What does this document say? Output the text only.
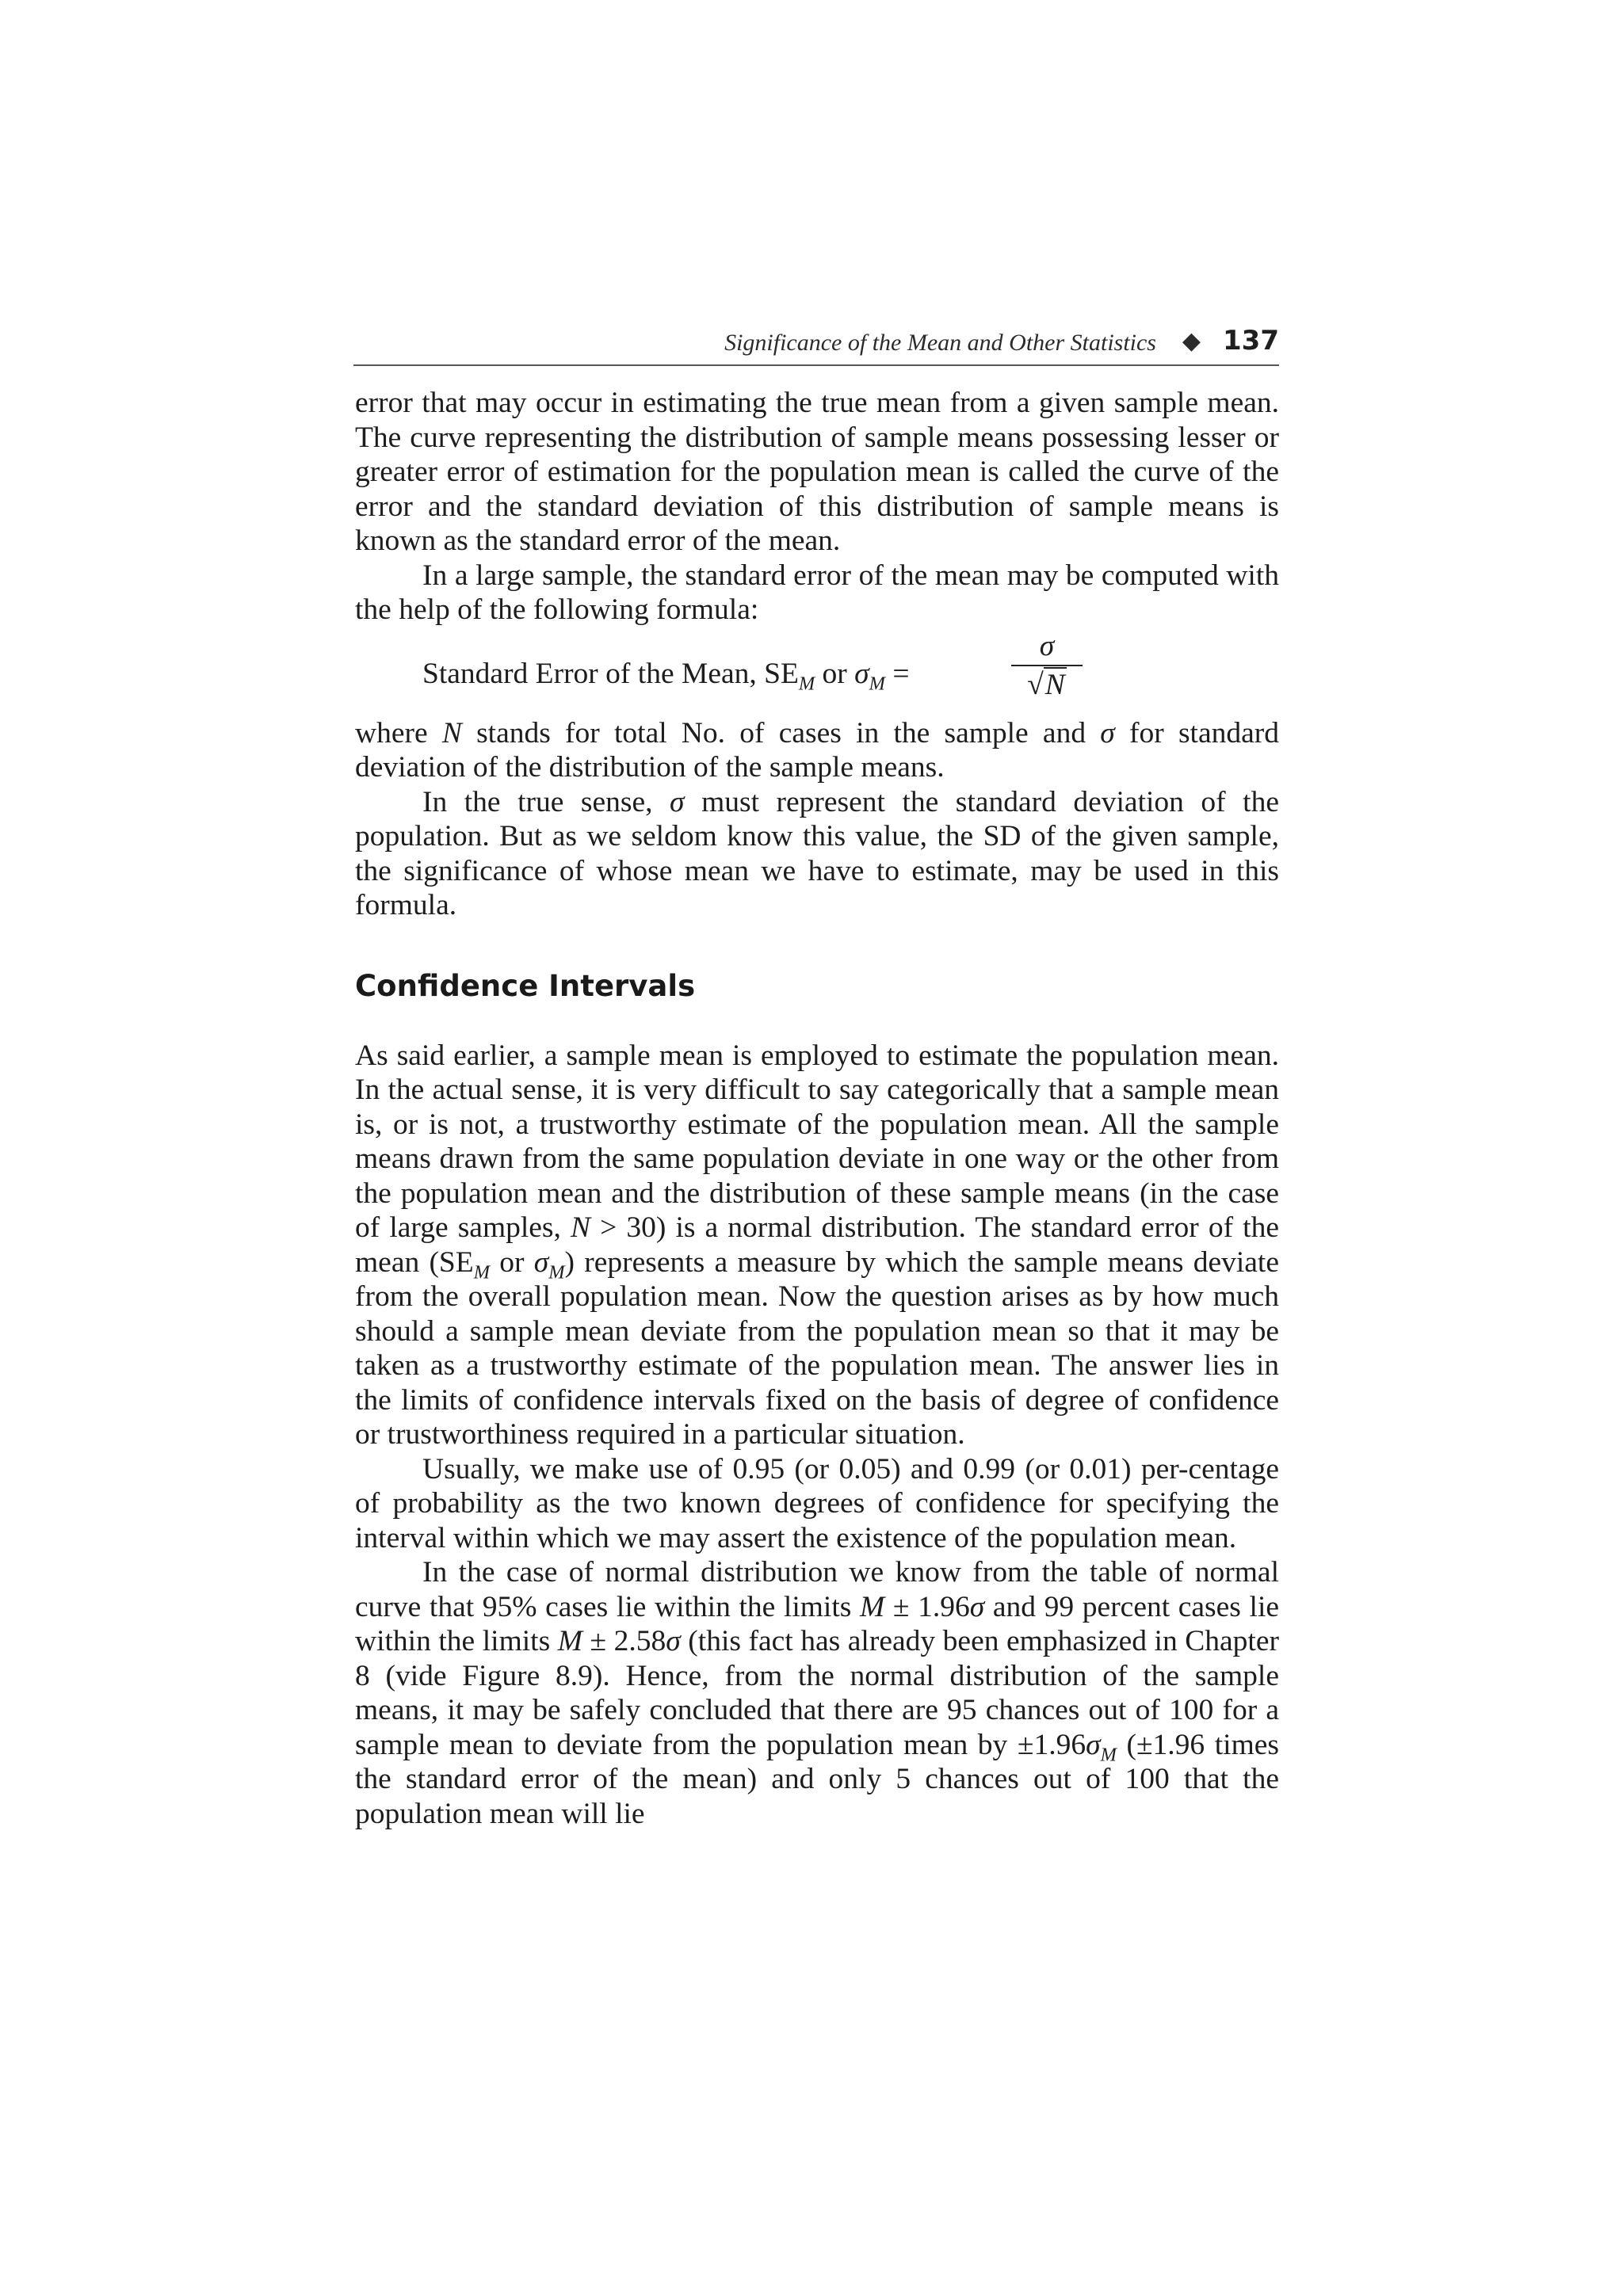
Significance of the Mean and Other Statistics ◆ 137

error that may occur in estimating the true mean from a given sample mean. The curve representing the distribution of sample means possessing lesser or greater error of estimation for the population mean is called the curve of the error and the standard deviation of this distribution of sample means is known as the standard error of the mean.

In a large sample, the standard error of the mean may be computed with the help of the following formula:

Standard Error of the Mean, $SE_M$ or $\sigma_M$ =
σ
√N

where N stands for total No. of cases in the sample and σ for standard deviation of the distribution of the sample means.

In the true sense, σ must represent the standard deviation of the population. But as we seldom know this value, the SD of the given sample, the significance of whose mean we have to estimate, may be used in this formula.

Confidence Intervals

As said earlier, a sample mean is employed to estimate the population mean. In the actual sense, it is very difficult to say categorically that a sample mean is, or is not, a trustworthy estimate of the population mean. All the sample means drawn from the same population deviate in one way or the other from the population mean and the distribution of these sample means (in the case of large samples, N > 30) is a normal distribution. The standard error of the mean ($SE_M$ or $\sigma_M$) represents a measure by which the sample means deviate from the overall population mean. Now the question arises as by how much should a sample mean deviate from the population mean so that it may be taken as a trustworthy estimate of the population mean. The answer lies in the limits of confidence intervals fixed on the basis of degree of confidence or trustworthiness required in a particular situation.

Usually, we make use of 0.95 (or 0.05) and 0.99 (or 0.01) per-centage of probability as the two known degrees of confidence for specifying the interval within which we may assert the existence of the population mean.

In the case of normal distribution we know from the table of normal curve that 95% cases lie within the limits M ± 1.96σ and 99 percent cases lie within the limits M ± 2.58σ (this fact has already been emphasized in Chapter 8 (vide Figure 8.9). Hence, from the normal distribution of the sample means, it may be safely concluded that there are 95 chances out of 100 for a sample mean to deviate from the population mean by $\pm 1.96\sigma_M$ (±1.96 times the standard error of the mean) and only 5 chances out of 100 that the population mean will lie
